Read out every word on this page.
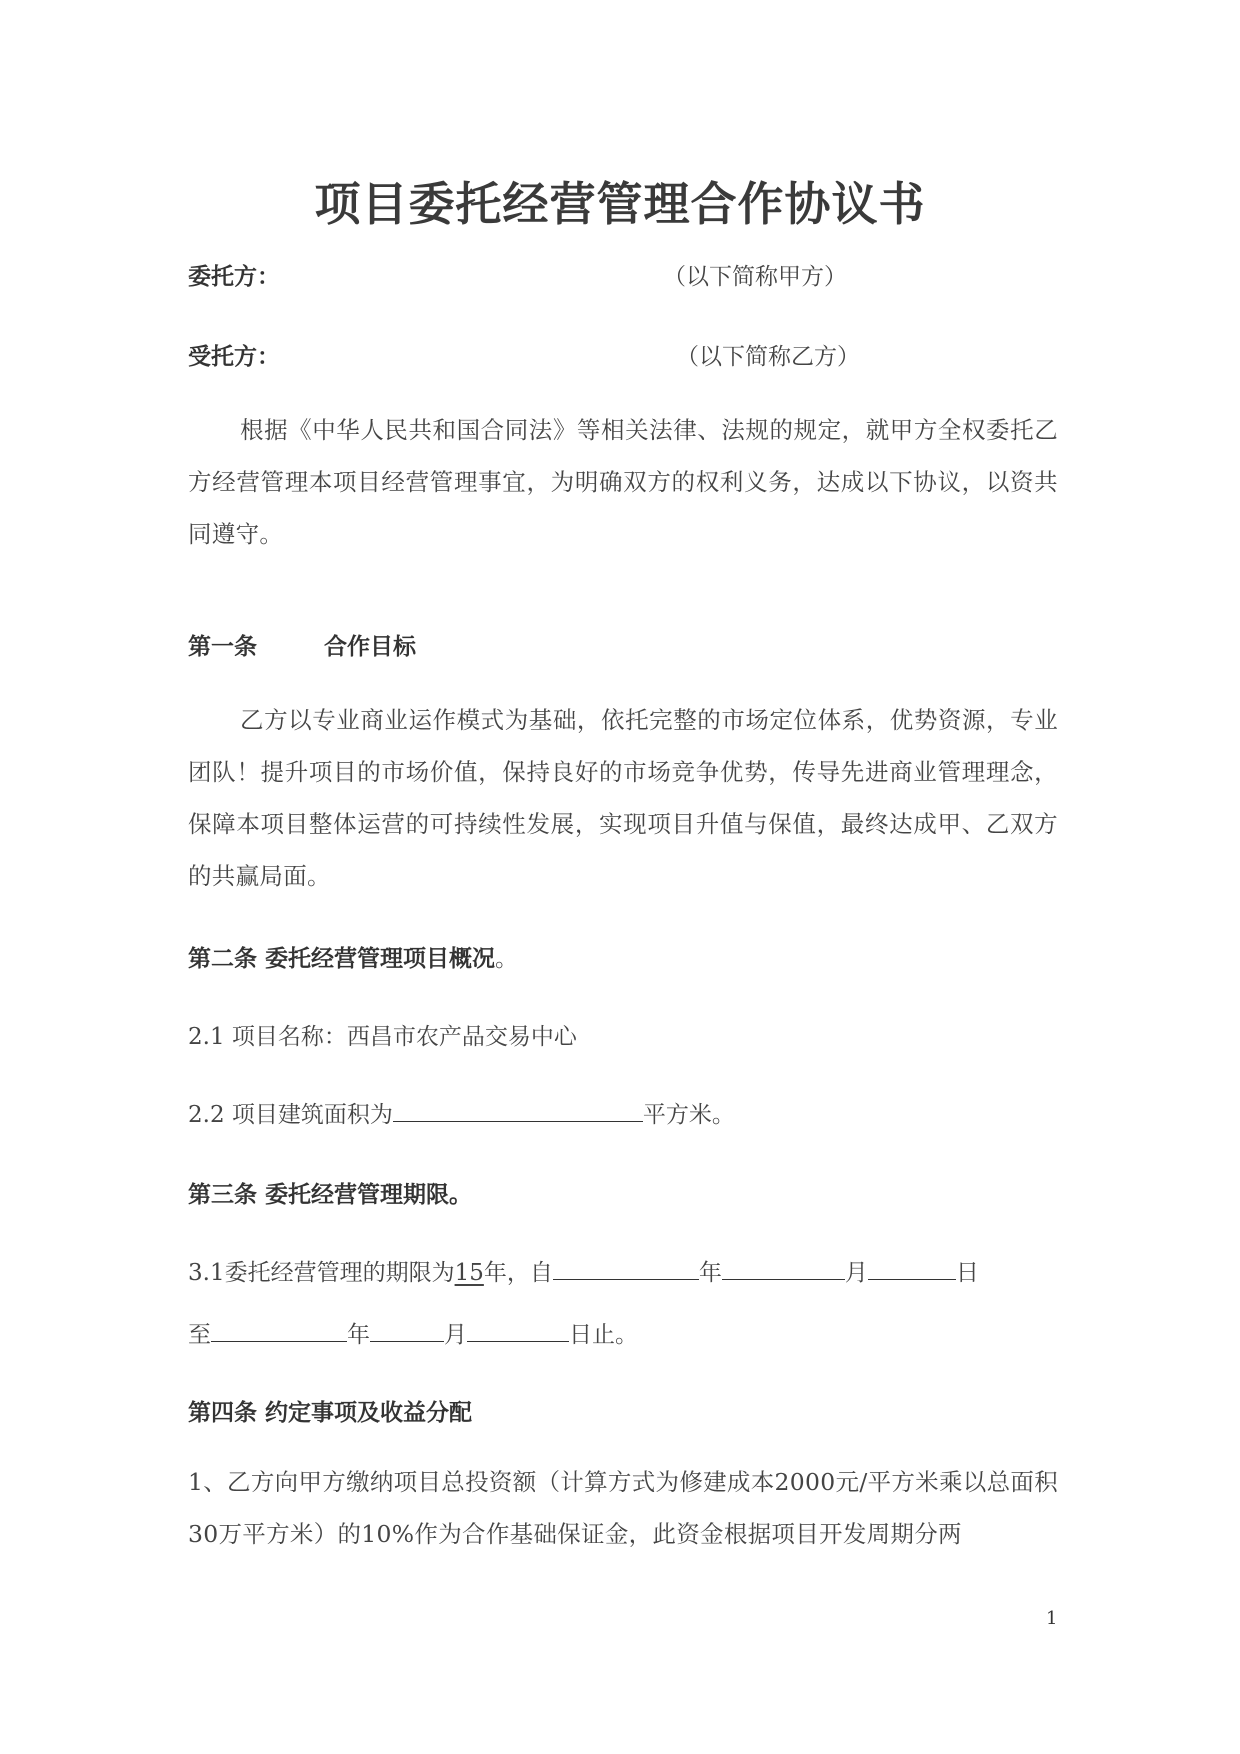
项目委托经营管理合作协议书
委托方：	（以下简称甲方）
受托方：	（以下简称乙方）
根据《中华人民共和国合同法》等相关法律、法规的规定，就甲方全权委托乙方经营管理本项目经营管理事宜，为明确双方的权利义务，达成以下协议，以资共同遵守。
第一条	合作目标
乙方以专业商业运作模式为基础，依托完整的市场定位体系，优势资源，专业团队！提升项目的市场价值，保持良好的市场竞争优势，传导先进商业管理理念，保障本项目整体运营的可持续性发展，实现项目升值与保值，最终达成甲、乙双方的共赢局面。
第二条 委托经营管理项目概况。
2.1 项目名称：西昌市农产品交易中心
2.2 项目建筑面积为	平方米。
第三条 委托经营管理期限。
3.1委托经营管理的期限为15年，自	年	月	日
至	年	月	日止。
第四条 约定事项及收益分配
1、乙方向甲方缴纳项目总投资额（计算方式为修建成本2000元/平方米乘以总面积30万平方米）的10%作为合作基础保证金，此资金根据项目开发周期分两
1
